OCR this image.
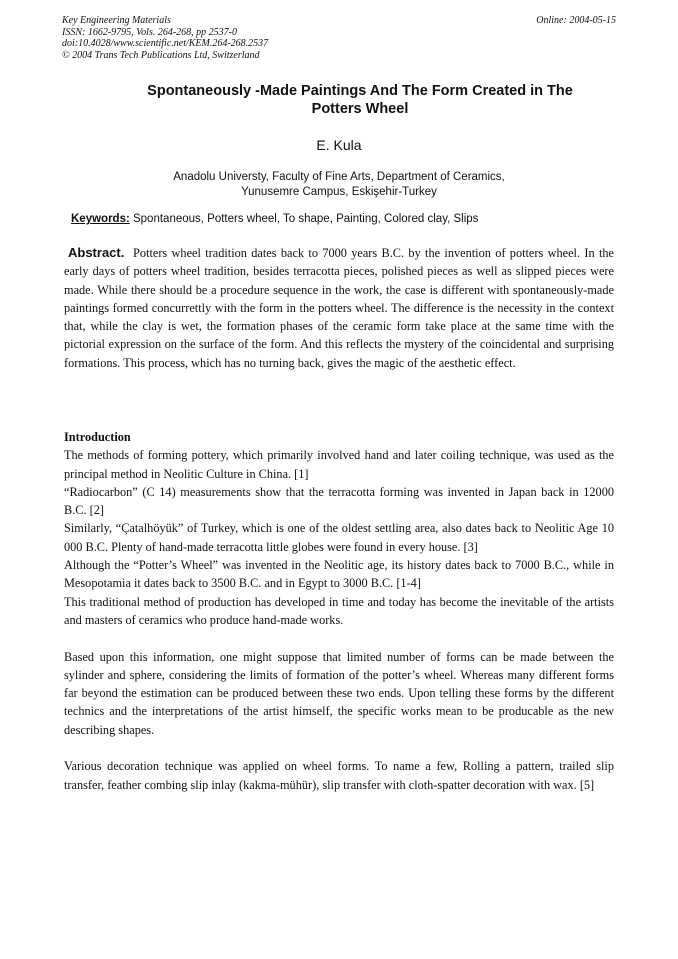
Key Engineering Materials
ISSN: 1662-9795, Vols. 264-268, pp 2537-0
doi:10.4028/www.scientific.net/KEM.264-268.2537
© 2004 Trans Tech Publications Ltd, Switzerland
Online: 2004-05-15
Spontaneously -Made Paintings And The Form Created in The
Potters Wheel
E. Kula
Anadolu Universty, Faculty of Fine Arts, Department of Ceramics,
Yunusemre Campus, Eskişehir-Turkey
Keywords: Spontaneous, Potters wheel, To shape, Painting, Colored clay, Slips

Abstract. Potters wheel tradition dates back to 7000 years B.C. by the invention of potters wheel. In the early days of potters wheel tradition, besides terracotta pieces, polished pieces as well as slipped pieces were made. While there should be a procedure sequence in the work, the case is different with spontaneously-made paintings formed concurrettly with the form in the potters wheel. The difference is the necessity in the context that, while the clay is wet, the formation phases of the ceramic form take place at the same time with the pictorial expression on the surface of the form. And this reflects the mystery of the coincidental and surprising formations. This process, which has no turning back, gives the magic of the aesthetic effect.

Introduction

The methods of forming pottery, which primarily involved hand and later coiling technique, was used as the principal method in Neolitic Culture in China. [1]

“Radiocarbon” (C 14) measurements show that the terracotta forming was invented in Japan back in 12000 B.C. [2]

Similarly, “Çatalhöyük” of Turkey, which is one of the oldest settling area, also dates back to Neolitic Age 10 000 B.C. Plenty of hand-made terracotta little globes were found in every house. [3]

Although the “Potter’s Wheel” was invented in the Neolitic age, its history dates back to 7000 B.C., while in Mesopotamia it dates back to 3500 B.C. and in Egypt to 3000 B.C. [1-4]

This traditional method of production has developed in time and today has become the inevitable of the artists and masters of ceramics who produce hand-made works.

Based upon this information, one might suppose that limited number of forms can be made between the sylinder and sphere, considering the limits of formation of the potter’s wheel. Whereas many different forms far beyond the estimation can be produced between these two ends. Upon telling these forms by the different technics and the interpretations of the artist himself, the specific works mean to be producable as the new describing shapes.

Various decoration technique was applied on wheel forms. To name a few, Rolling a pattern, trailed slip transfer, feather combing slip inlay (kakma-mühür), slip transfer with cloth-spatter decoration with wax. [5]
